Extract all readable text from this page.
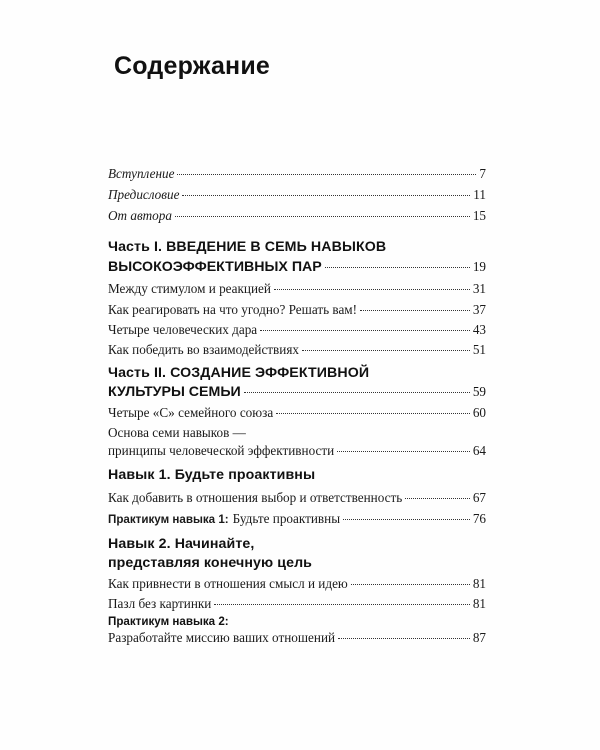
Содержание
Вступление	7
Предисловие	11
От автора	15
Часть I. ВВЕДЕНИЕ В СЕМЬ НАВЫКОВ
ВЫСОКОЭФФЕКТИВНЫХ ПАР	19
Между стимулом и реакцией	31
Как реагировать на что угодно? Решать вам!	37
Четыре человеческих дара	43
Как победить во взаимодействиях	51
Часть II. СОЗДАНИЕ ЭФФЕКТИВНОЙ
КУЛЬТУРЫ СЕМЬИ	59
Четыре «С» семейного союза	60
Основа семи навыков —
принципы человеческой эффективности	64
Навык 1. Будьте проактивны
Как добавить в отношения выбор и ответственность	67
Практикум навыка 1: Будьте проактивны	76
Навык 2. Начинайте,
представляя конечную цель
Как привнести в отношения смысл и идею	81
Пазл без картинки	81
Практикум навыка 2:
Разработайте миссию ваших отношений	87
